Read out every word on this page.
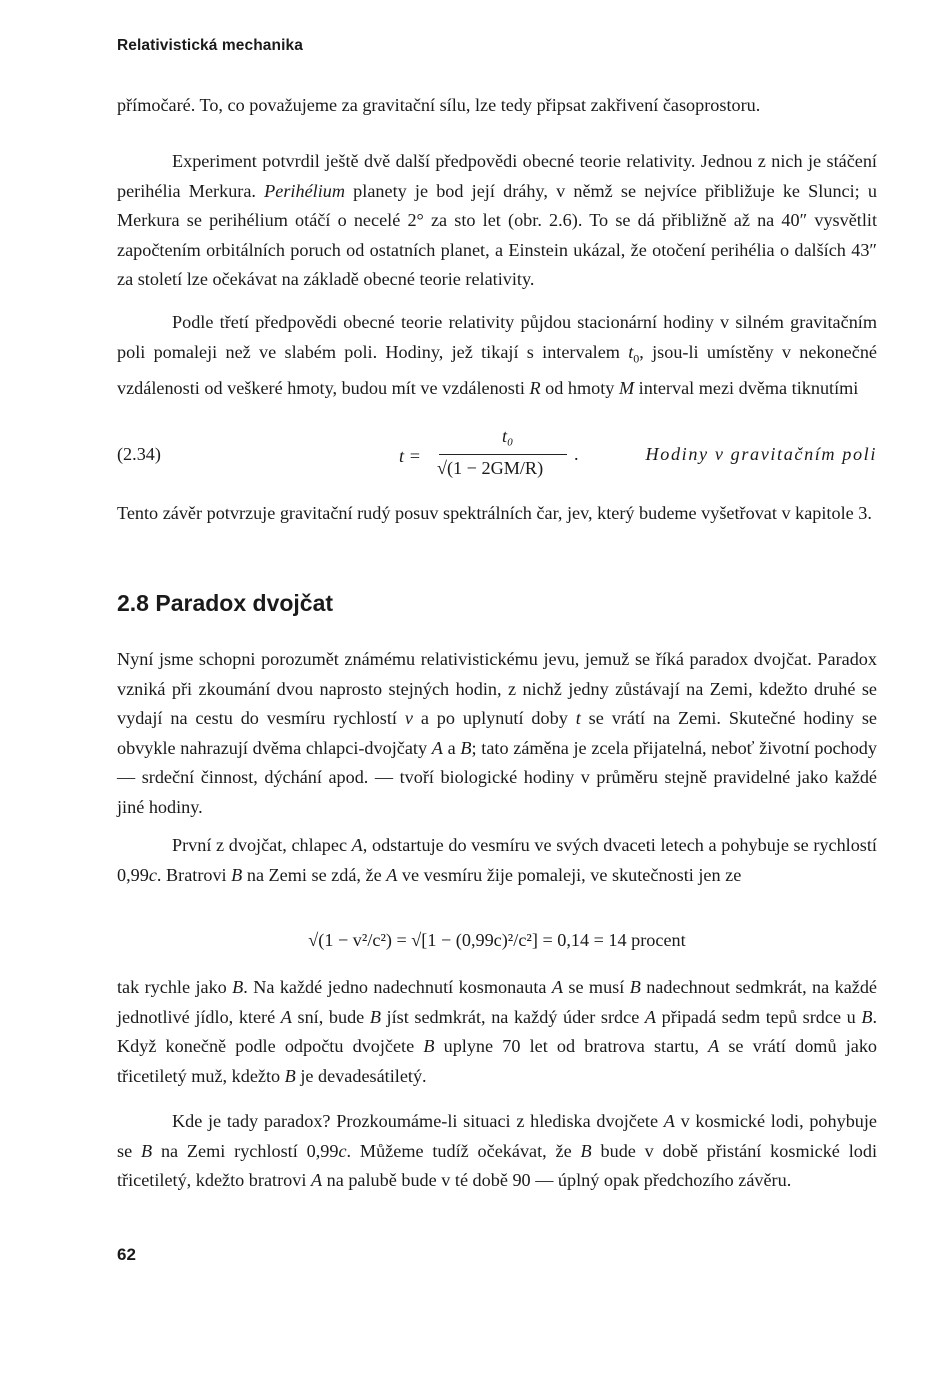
Relativistická mechanika

přímočaré. To, co považujeme za gravitační sílu, lze tedy připsat zakřivení časoprostoru.

Experiment potvrdil ještě dvě další předpovědi obecné teorie relativity. Jednou z nich je stáčení perihélia Merkura. Perihélium planety je bod její dráhy, v němž se nejvíce přibližuje ke Slunci; u Merkura se perihélium otáčí o necelé 2° za sto let (obr. 2.6). To se dá přibližně až na 40″ vysvětlit započtením orbitálních poruch od ostatních planet, a Einstein ukázal, že otočení perihélia o dalších 43″ za století lze očekávat na základě obecné teorie relativity.

Podle třetí předpovědi obecné teorie relativity půjdou stacionární hodiny v silném gravitačním poli pomaleji než ve slabém poli. Hodiny, jež tikají s intervalem $t_0$, jsou-li umístěny v nekonečné vzdálenosti od veškeré hmoty, budou mít ve vzdálenosti R od hmoty M interval mezi dvěma tiknutími

(2.34)	t =
t₀
√(1 − 2GM/R)
.	Hodiny v gravitačním poli

Tento závěr potvrzuje gravitační rudý posuv spektrálních čar, jev, který budeme vyšetřovat v kapitole 3.

2.8 Paradox dvojčat

Nyní jsme schopni porozumět známému relativistickému jevu, jemuž se říká paradox dvojčat. Paradox vzniká při zkoumání dvou naprosto stejných hodin, z nichž jedny zůstávají na Zemi, kdežto druhé se vydají na cestu do vesmíru rychlostí v a po uplynutí doby t se vrátí na Zemi. Skutečné hodiny se obvykle nahrazují dvěma chlapci-dvojčaty A a B; tato záměna je zcela přijatelná, neboť životní pochody — srdeční činnost, dýchání apod. — tvoří biologické hodiny v průměru stejně pravidelné jako každé jiné hodiny.

První z dvojčat, chlapec A, odstartuje do vesmíru ve svých dvaceti letech a pohybuje se rychlostí 0,99c. Bratrovi B na Zemi se zdá, že A ve vesmíru žije pomaleji, ve skutečnosti jen ze

√(1 − v²/c²) = √[1 − (0,99c)²/c²] = 0,14 = 14 procent

tak rychle jako B. Na každé jedno nadechnutí kosmonauta A se musí B nadechnout sedmkrát, na každé jednotlivé jídlo, které A sní, bude B jíst sedmkrát, na každý úder srdce A připadá sedm tepů srdce u B. Když konečně podle odpočtu dvojčete B uplyne 70 let od bratrova startu, A se vrátí domů jako třicetiletý muž, kdežto B je devadesátiletý.

Kde je tady paradox? Prozkoumáme-li situaci z hlediska dvojčete A v kosmické lodi, pohybuje se B na Zemi rychlostí 0,99c. Můžeme tudíž očekávat, že B bude v době přistání kosmické lodi třicetiletý, kdežto bratrovi A na palubě bude v té době 90 — úplný opak předchozího závěru.

62
